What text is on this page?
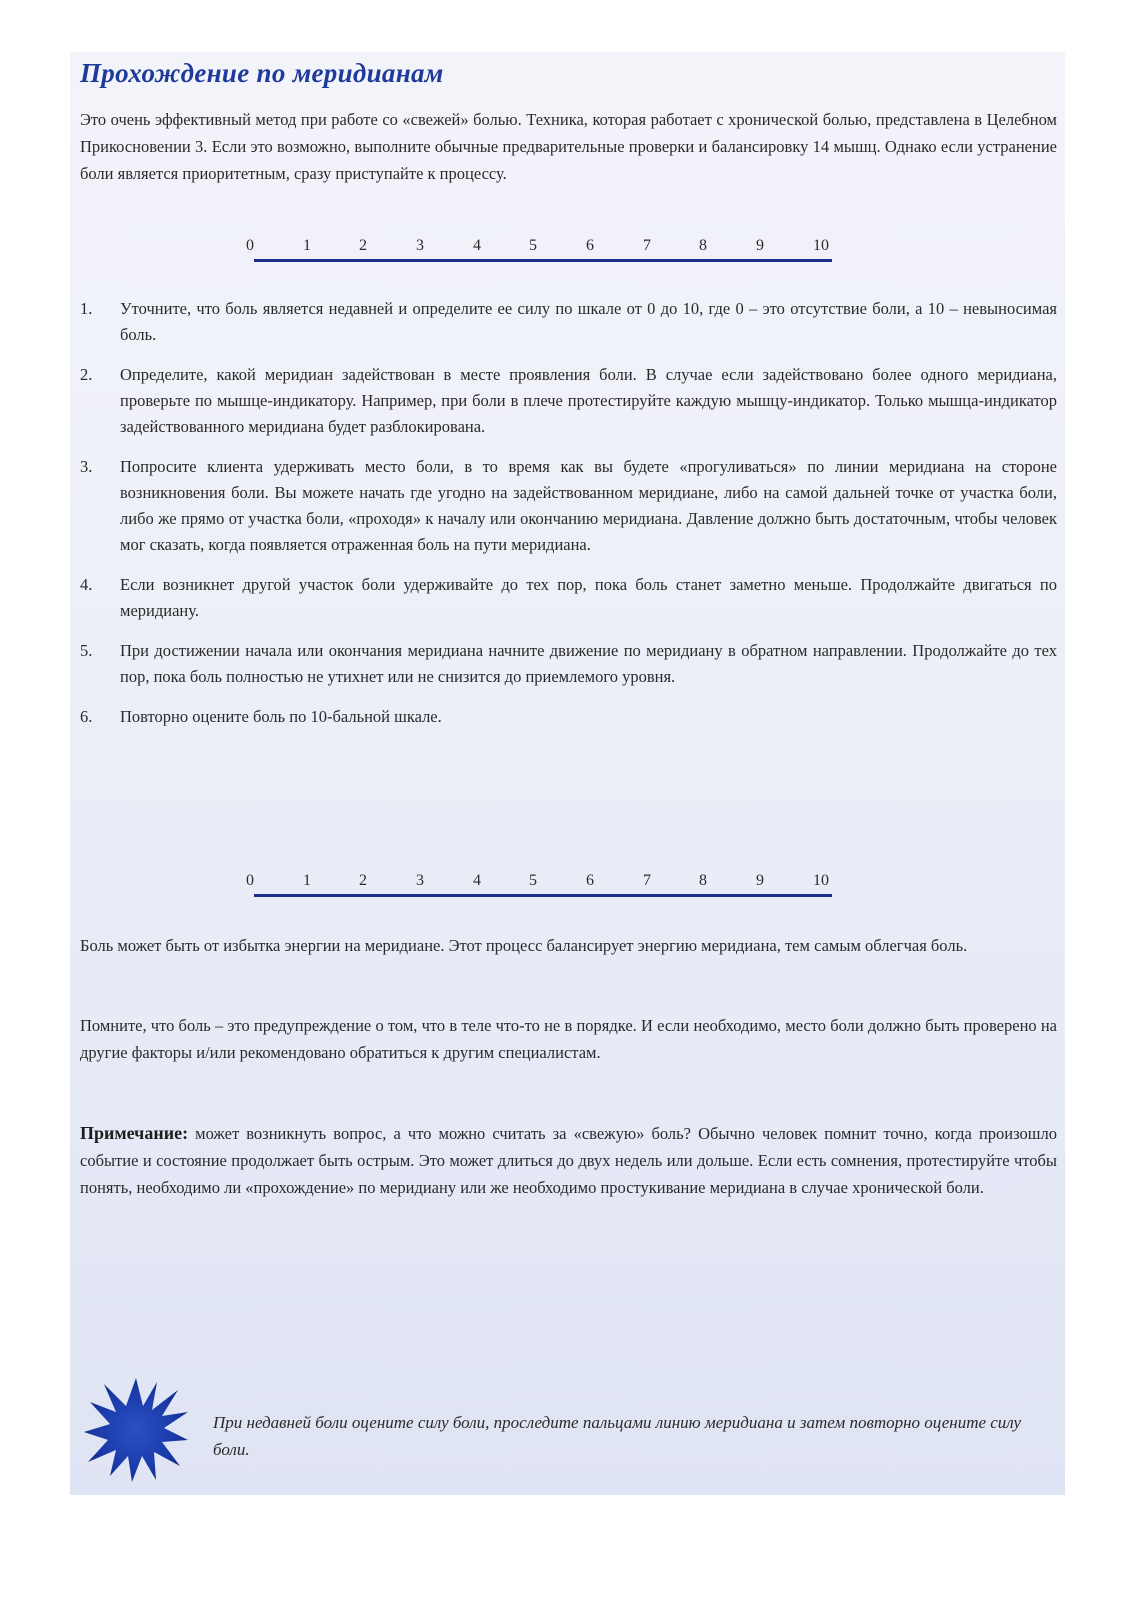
Прохождение по меридианам

Это очень эффективный метод при работе со «свежей» болью. Техника, которая работает с хронической болью, представлена в Целебном Прикосновении 3. Если это возможно, выполните обычные предварительные проверки и балансировку 14 мышц. Однако если устранение боли является приоритетным, сразу приступайте к процессу.

0	1	2	3	4	5	6	7	8	9	10
1.	Уточните, что боль является недавней и определите ее силу по шкале от 0 до 10, где 0 – это отсутствие боли, а 10 – невыносимая боль.
2.	Определите, какой меридиан задействован в месте проявления боли. В случае если задействовано более одного меридиана, проверьте по мышце-индикатору. Например, при боли в плече протестируйте каждую мышцу-индикатор. Только мышца-индикатор задействованного меридиана будет разблокирована.
3.	Попросите клиента удерживать место боли, в то время как вы будете «прогуливаться» по линии меридиана на стороне возникновения боли. Вы можете начать где угодно на задействованном меридиане, либо на самой дальней точке от участка боли, либо же прямо от участка боли, «проходя» к началу или окончанию меридиана. Давление должно быть достаточным, чтобы человек мог сказать, когда появляется отраженная боль на пути меридиана.
4.	Если возникнет другой участок боли удерживайте до тех пор, пока боль станет заметно меньше. Продолжайте двигаться по меридиану.
5.	При достижении начала или окончания меридиана начните движение по меридиану в обратном направлении. Продолжайте до тех пор, пока боль полностью не утихнет или не снизится до приемлемого уровня.
6.	Повторно оцените боль по 10-бальной шкале.
0	1	2	3	4	5	6	7	8	9	10

Боль может быть от избытка энергии на меридиане. Этот процесс балансирует энергию меридиана, тем самым облегчая боль.

Помните, что боль – это предупреждение о том, что в теле что-то не в порядке. И если необходимо, место боли должно быть проверено на другие факторы и/или рекомендовано обратиться к другим специалистам.

Примечание: может возникнуть вопрос, а что можно считать за «свежую» боль? Обычно человек помнит точно, когда произошло событие и состояние продолжает быть острым. Это может длиться до двух недель или дольше. Если есть сомнения, протестируйте чтобы понять, необходимо ли «прохождение» по меридиану или же необходимо простукивание меридиана в случае хронической боли.

При недавней боли оцените силу боли, проследите пальцами линию меридиана и затем повторно оцените силу боли.
